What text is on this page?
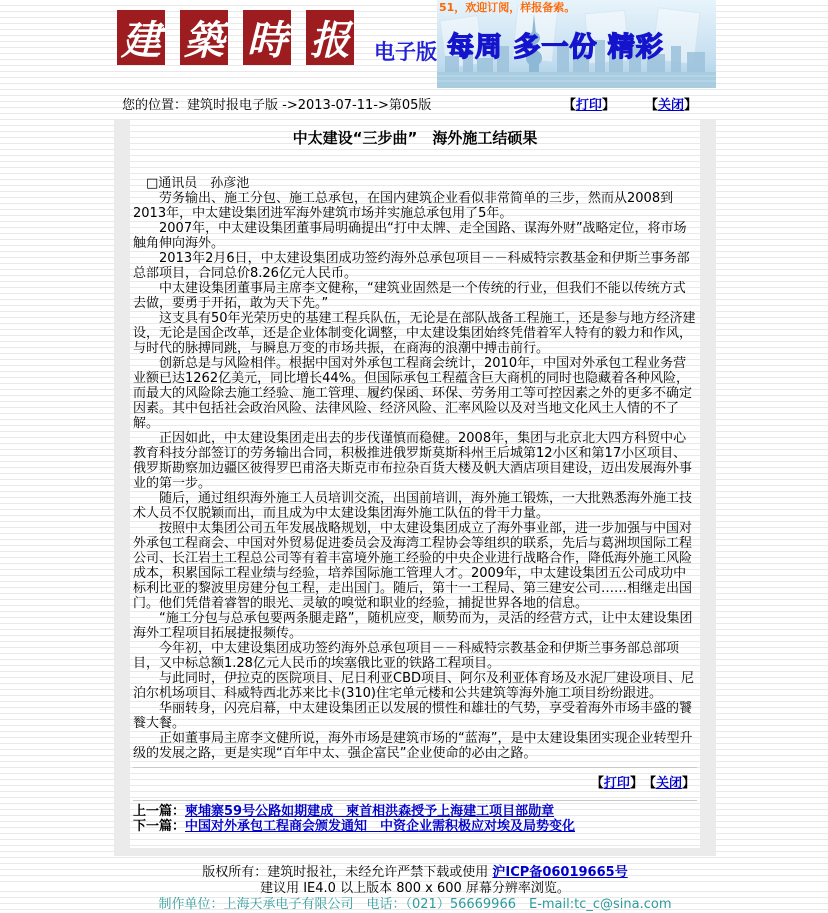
建 築 時 报 电子版
51，欢迎订阅，样报备索。
每周 多一份 精彩
您的位置： 建筑时报电子版 ->2013-07-11->第05版	【打印】 【关闭】
中太建设“三步曲”　海外施工结硕果
□通讯员　孙彦池

劳务输出、施工分包、施工总承包，在国内建筑企业看似非常简单的三步，然而从2008到2013年，中太建设集团进军海外建筑市场并实施总承包用了5年。

2007年，中太建设集团董事局明确提出“打中太牌、走全国路、谋海外财”战略定位，将市场触角伸向海外。

2013年2月6日，中太建设集团成功签约海外总承包项目－－科威特宗教基金和伊斯兰事务部总部项目，合同总价8.26亿元人民币。

中太建设集团董事局主席李文健称，“建筑业固然是一个传统的行业，但我们不能以传统方式去做，要勇于开拓，敢为天下先。”

这支具有50年光荣历史的基建工程兵队伍，无论是在部队战备工程施工，还是参与地方经济建设，无论是国企改革，还是企业体制变化调整，中太建设集团始终凭借着军人特有的毅力和作风，与时代的脉搏同跳，与瞬息万变的市场共振，在商海的浪潮中搏击前行。

创新总是与风险相伴。根据中国对外承包工程商会统计，2010年，中国对外承包工程业务营业额已达1262亿美元，同比增长44%。但国际承包工程蕴含巨大商机的同时也隐藏着各种风险，而最大的风险除去施工经验、施工管理、履约保函、环保、劳务用工等可控因素之外的更多不确定因素。其中包括社会政治风险、法律风险、经济风险、汇率风险以及对当地文化风土人情的不了解。

正因如此，中太建设集团走出去的步伐谨慎而稳健。2008年，集团与北京北大四方科贸中心教育科技分部签订的劳务输出合同，积极推进俄罗斯莫斯科州王后城第12小区和第17小区项目、俄罗斯勘察加边疆区彼得罗巴甫洛夫斯克市布拉杂百货大楼及帆大酒店项目建设，迈出发展海外事业的第一步。

随后，通过组织海外施工人员培训交流，出国前培训，海外施工锻炼，一大批熟悉海外施工技术人员不仅脱颖而出，而且成为中太建设集团海外施工队伍的骨干力量。

按照中太集团公司五年发展战略规划，中太建设集团成立了海外事业部，进一步加强与中国对外承包工程商会、中国对外贸易促进委员会及海湾工程协会等组织的联系，先后与葛洲坝国际工程公司、长江岩土工程总公司等有着丰富境外施工经验的中央企业进行战略合作，降低海外施工风险成本，积累国际工程业绩与经验，培养国际施工管理人才。2009年，中太建设集团五公司成功中标利比亚的黎波里房建分包工程，走出国门。随后，第十一工程局、第三建安公司……相继走出国门。他们凭借着睿智的眼光、灵敏的嗅觉和职业的经验，捕捉世界各地的信息。

“施工分包与总承包要两条腿走路”，随机应变，顺势而为，灵活的经营方式，让中太建设集团海外工程项目拓展捷报频传。

今年初，中太建设集团成功签约海外总承包项目－－科威特宗教基金和伊斯兰事务部总部项目，又中标总额1.28亿元人民币的埃塞俄比亚的铁路工程项目。

与此同时，伊拉克的医院项目、尼日利亚CBD项目、阿尔及利亚体育场及水泥厂建设项目、尼泊尔机场项目、科威特西北苏来比卡(310)住宅单元楼和公共建筑等海外施工项目纷纷跟进。

华丽转身，闪亮启幕，中太建设集团正以发展的惯性和雄壮的气势，享受着海外市场丰盛的饕餮大餐。

正如董事局主席李文健所说，海外市场是建筑市场的“蓝海”，是中太建设集团实现企业转型升级的发展之路，更是实现“百年中太、强企富民”企业使命的必由之路。

【打印】 【关闭】
上一篇：柬埔寨59号公路如期建成　柬首相洪森授予上海建工项目部勋章
下一篇：中国对外承包工程商会颁发通知　中资企业需积极应对埃及局势变化
版权所有：建筑时报社，未经允许严禁下载或使用 沪ICP备06019665号
建议用 IE4.0 以上版本 800 x 600 屏幕分辨率浏览。
制作单位：上海天承电子有限公司　电话：（021）56669966　E-mail:tc_c@sina.com
